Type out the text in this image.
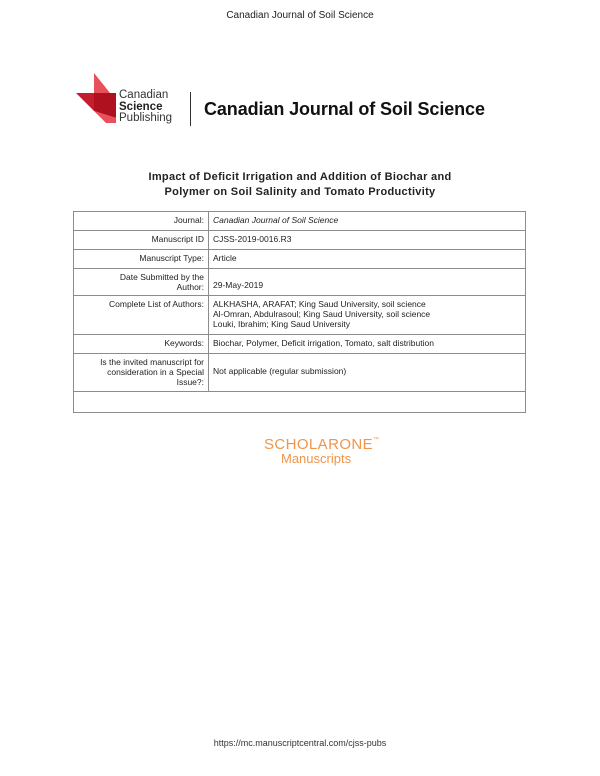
Canadian Journal of Soil Science
Canadian
Science
Publishing Canadian Journal of Soil Science
Impact of Deficit Irrigation and Addition of Biochar and
Polymer on Soil Salinity and Tomato Productivity
Journal:	Canadian Journal of Soil Science
Manuscript ID	CJSS-2019-0016.R3
Manuscript Type:	Article

Date Submitted by the
Author:	29-May-2019

Complete List of Authors:	ALKHASHA, ARAFAT; King Saud University, soil science
Al-Omran, Abdulrasoul; King Saud University, soil science
Louki, Ibrahim; King Saud University

Keywords:	Biochar, Polymer, Deficit irrigation, Tomato, salt distribution

Is the invited manuscript for
consideration in a Special
Issue?:	Not applicable (regular submission)

SCHOLARONE™
Manuscripts
https://mc.manuscriptcentral.com/cjss-pubs
